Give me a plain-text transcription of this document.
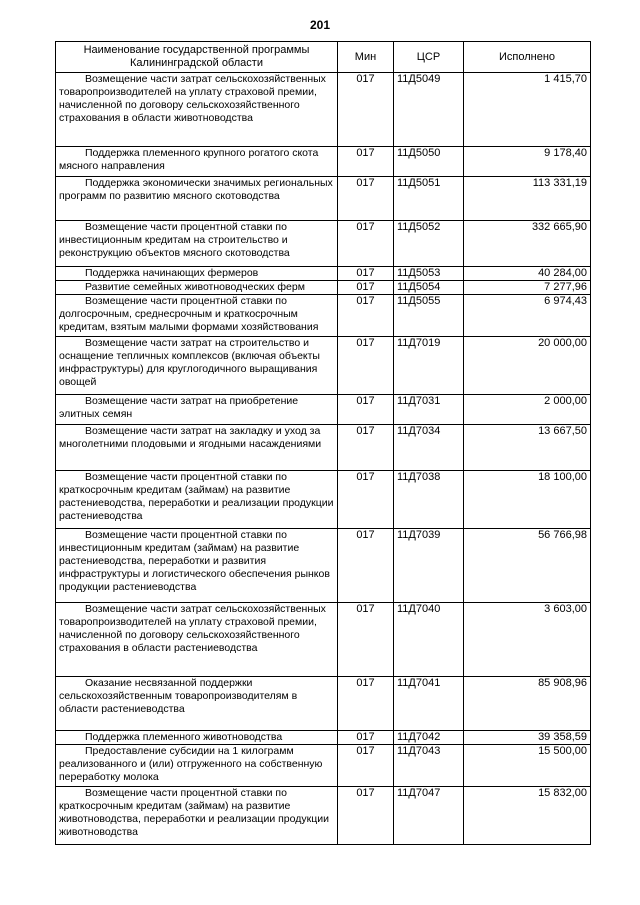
201
Наименование государственной программы Калининградской области	Мин	ЦСР	Исполнено
Возмещение части затрат сельскохозяйственных товаропроизводителей на уплату страховой премии, начисленной по договору сельскохозяйственного страхования в области животноводства	017	11Д5049	1 415,70
Поддержка племенного крупного рогатого скота мясного направления	017	11Д5050	9 178,40
Поддержка экономически значимых региональных программ по развитию мясного скотоводства	017	11Д5051	113 331,19
Возмещение части процентной ставки по инвестиционным кредитам на строительство и реконструкцию объектов мясного скотоводства	017	11Д5052	332 665,90
Поддержка начинающих фермеров	017	11Д5053	40 284,00
Развитие семейных животноводческих ферм	017	11Д5054	7 277,96
Возмещение части процентной ставки по долгосрочным, среднесрочным и краткосрочным кредитам, взятым малыми формами хозяйствования	017	11Д5055	6 974,43
Возмещение части затрат на строительство и оснащение тепличных комплексов (включая объекты инфраструктуры) для круглогодичного выращивания овощей	017	11Д7019	20 000,00
Возмещение части затрат на приобретение элитных семян	017	11Д7031	2 000,00
Возмещение части затрат на закладку и уход за многолетними плодовыми и ягодными насаждениями	017	11Д7034	13 667,50
Возмещение части процентной ставки по краткосрочным кредитам (займам) на развитие растениеводства, переработки и реализации продукции растениеводства	017	11Д7038	18 100,00
Возмещение части процентной ставки по инвестиционным кредитам (займам) на развитие растениеводства, переработки и развития инфраструктуры и логистического обеспечения рынков продукции растениеводства	017	11Д7039	56 766,98
Возмещение части затрат сельскохозяйственных товаропроизводителей на уплату страховой премии, начисленной по договору сельскохозяйственного страхования в области растениеводства	017	11Д7040	3 603,00
Оказание несвязанной поддержки сельскохозяйственным товаропроизводителям в области растениеводства	017	11Д7041	85 908,96
Поддержка племенного животноводства	017	11Д7042	39 358,59
Предоставление субсидии на 1 килограмм реализованного и (или) отгруженного на собственную переработку молока	017	11Д7043	15 500,00
Возмещение части процентной ставки по краткосрочным кредитам (займам) на развитие животноводства, переработки и реализации продукции животноводства	017	11Д7047	15 832,00
